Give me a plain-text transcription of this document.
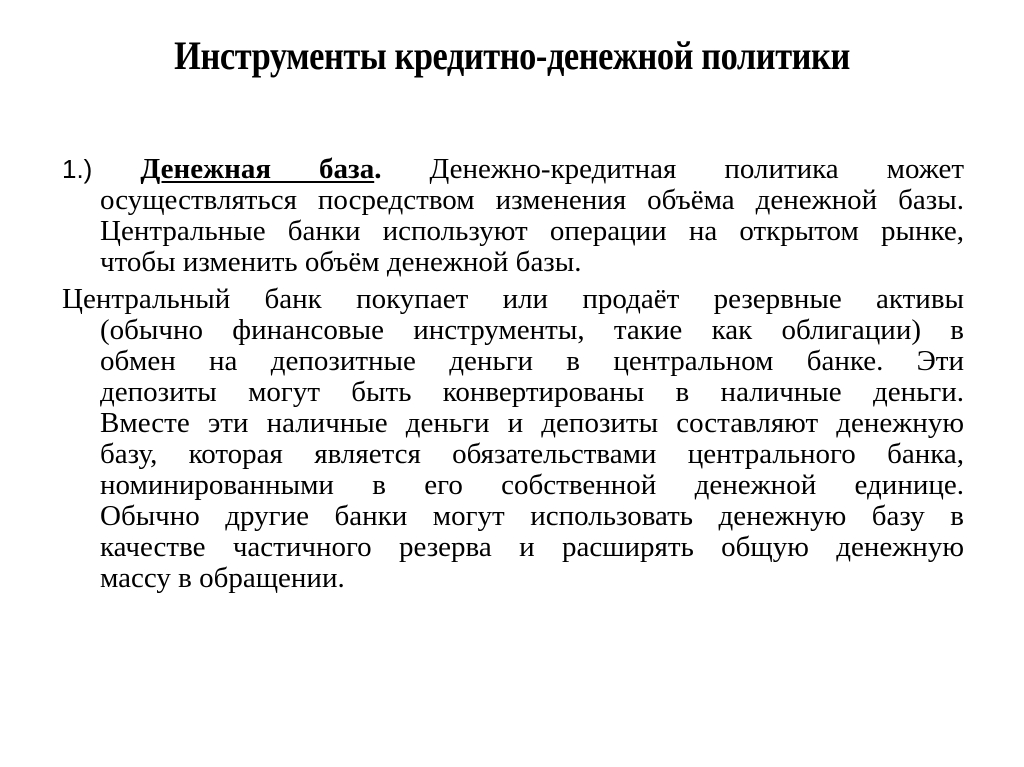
Инструменты кредитно-денежной политики
1.) Денежная база. Денежно-кредитная политика может
осуществляться посредством изменения объёма денежной базы.
Центральные банки используют операции на открытом рынке,
чтобы изменить объём денежной базы.
Центральный банк покупает или продаёт резервные активы
(обычно финансовые инструменты, такие как облигации) в
обмен на депозитные деньги в центральном банке. Эти
депозиты могут быть конвертированы в наличные деньги.
Вместе эти наличные деньги и депозиты составляют денежную
базу, которая является обязательствами центрального банка,
номинированными в его собственной денежной единице.
Обычно другие банки могут использовать денежную базу в
качестве частичного резерва и расширять общую денежную
массу в обращении.
